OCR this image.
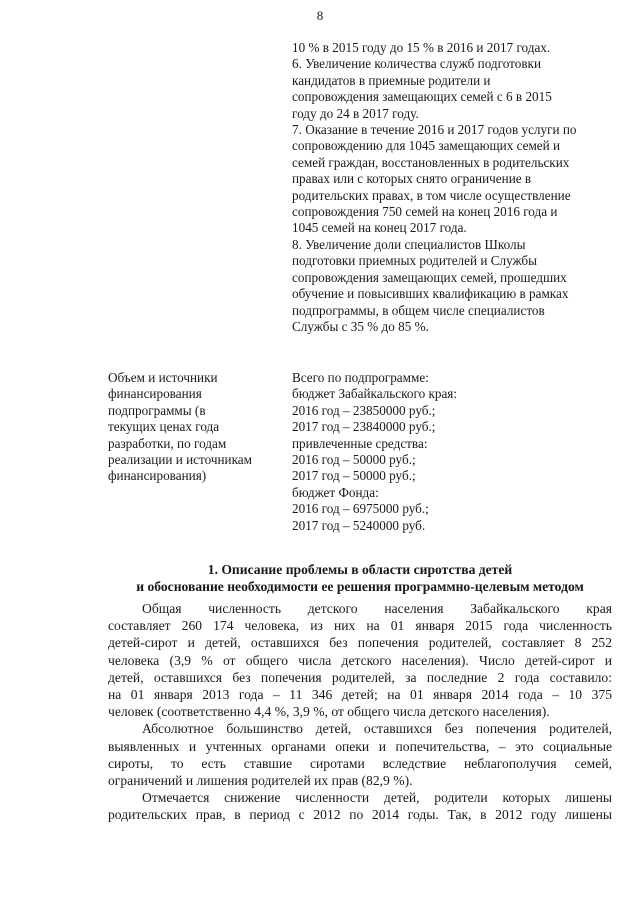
8
10 % в 2015 году до 15 % в 2016 и 2017 годах.
6. Увеличение количества служб подготовки
кандидатов в приемные родители и
сопровождения замещающих семей с 6 в 2015
году до 24 в 2017 году.
7. Оказание в течение 2016 и 2017 годов услуги по
сопровождению для 1045 замещающих семей и
семей граждан, восстановленных в родительских
правах или с которых снято ограничение в
родительских правах, в том числе осуществление
сопровождения 750 семей на конец 2016 года и
1045 семей на конец 2017 года.
8. Увеличение доли специалистов Школы
подготовки приемных родителей и Службы
сопровождения замещающих семей, прошедших
обучение и повысивших квалификацию в рамках
подпрограммы, в общем числе специалистов
Службы с 35 % до 85 %.
Объем и источники
финансирования
подпрограммы (в
текущих ценах года
разработки, по годам
реализации и источникам
финансирования)
Всего по подпрограмме:
бюджет Забайкальского края:
2016 год – 23850000 руб.;
2017 год – 23840000 руб.;
привлеченные средства:
2016 год – 50000 руб.;
2017 год – 50000 руб.;
бюджет Фонда:
2016 год – 6975000 руб.;
2017 год – 5240000 руб.
1. Описание проблемы в области сиротства детей
и обоснование необходимости ее решения программно-целевым методом
Общая численность детского населения Забайкальского края
составляет 260 174 человека, из них на 01 января 2015 года численность
детей-сирот и детей, оставшихся без попечения родителей, составляет 8 252
человека (3,9 % от общего числа детского населения). Число детей-сирот и
детей, оставшихся без попечения родителей, за последние 2 года составило:
на 01 января 2013 года – 11 346 детей; на 01 января 2014 года – 10 375
человек (соответственно 4,4 %, 3,9 %, от общего числа детского населения).
Абсолютное большинство детей, оставшихся без попечения родителей,
выявленных и учтенных органами опеки и попечительства, – это социальные
сироты, то есть ставшие сиротами вследствие неблагополучия семей,
ограничений и лишения родителей их прав (82,9 %).
Отмечается снижение численности детей, родители которых лишены
родительских прав, в период с 2012 по 2014 годы. Так, в 2012 году лишены
